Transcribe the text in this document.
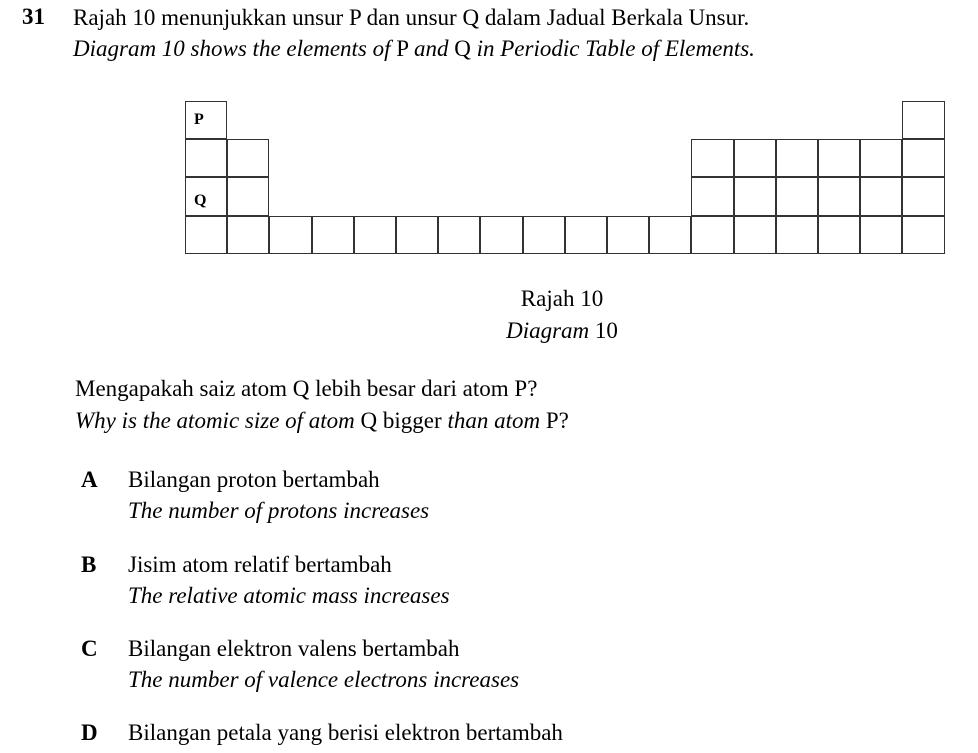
31 Rajah 10 menunjukkan unsur P dan unsur Q dalam Jadual Berkala Unsur.
Diagram 10 shows the elements of P and Q in Periodic Table of Elements.
P
Q
Rajah 10
Diagram 10
Mengapakah saiz atom Q lebih besar dari atom P?
Why is the atomic size of atom Q bigger than atom P?
A Bilangan proton bertambah
The number of protons increases
B Jisim atom relatif bertambah
The relative atomic mass increases
C Bilangan elektron valens bertambah
The number of valence electrons increases
D Bilangan petala yang berisi elektron bertambah
